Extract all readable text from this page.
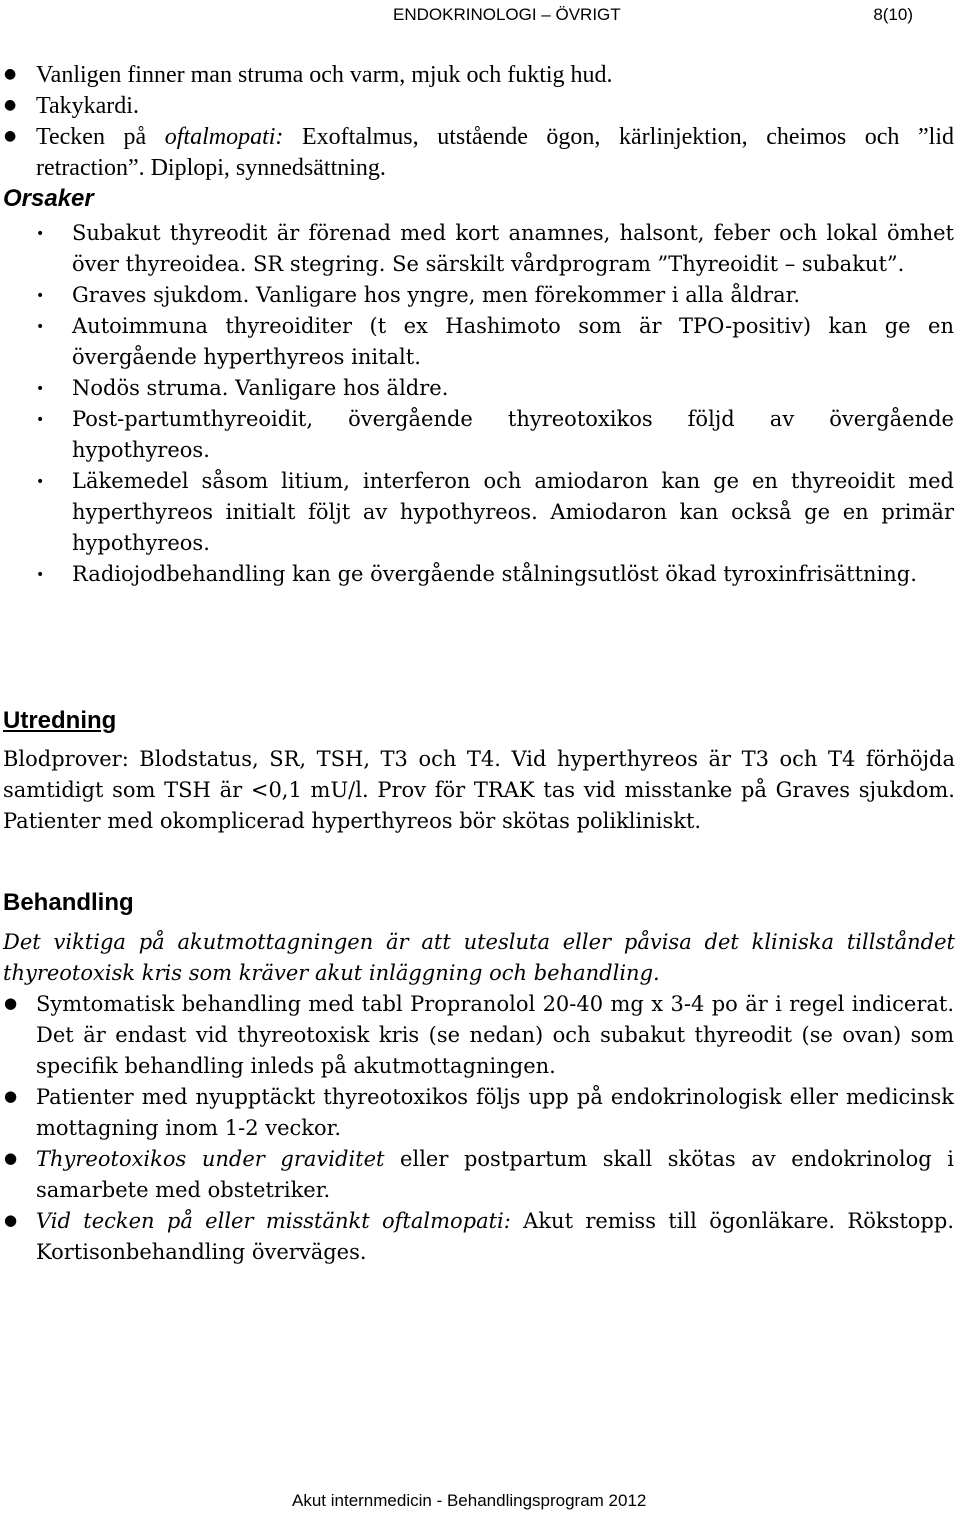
ENDOKRINOLOGI – ÖVRIGT	8(10)
● Vanligen finner man struma och varm, mjuk och fuktig hud.
● Takykardi.
● Tecken på oftalmopati: Exoftalmus, utstående ögon, kärlinjektion, cheimos och ”lid retraction”. Diplopi, synnedsättning.
Orsaker
• Subakut thyreodit är förenad med kort anamnes, halsont, feber och lokal ömhet över thyreoidea. SR stegring. Se särskilt vårdprogram ”Thyreoidit – subakut”.
• Graves sjukdom. Vanligare hos yngre, men förekommer i alla åldrar.
• Autoimmuna thyreoiditer (t ex Hashimoto som är TPO-positiv) kan ge en övergående hyperthyreos initalt.
• Nodös struma. Vanligare hos äldre.
• Post-partumthyreoidit, övergående thyreotoxikos följd av övergående hypothyreos.
• Läkemedel såsom litium, interferon och amiodaron kan ge en thyreoidit med hyperthyreos initialt följt av hypothyreos. Amiodaron kan också ge en primär hypothyreos.
• Radiojodbehandling kan ge övergående stålningsutlöst ökad tyroxinfrisättning.
Utredning

Blodprover: Blodstatus, SR, TSH, T3 och T4. Vid hyperthyreos är T3 och T4 förhöjda samtidigt som TSH är <0,1 mU/l. Prov för TRAK tas vid misstanke på Graves sjukdom. Patienter med okomplicerad hyperthyreos bör skötas polikliniskt.

Behandling

Det viktiga på akutmottagningen är att utesluta eller påvisa det kliniska tillståndet thyreotoxisk kris som kräver akut inläggning och behandling.

● Symtomatisk behandling med tabl Propranolol 20-40 mg x 3-4 po är i regel indicerat. Det är endast vid thyreotoxisk kris (se nedan) och subakut thyreodit (se ovan) som specifik behandling inleds på akutmottagningen.
● Patienter med nyupptäckt thyreotoxikos följs upp på endokrinologisk eller medicinsk mottagning inom 1-2 veckor.
● Thyreotoxikos under graviditet eller postpartum skall skötas av endokrinolog i samarbete med obstetriker.
● Vid tecken på eller misstänkt oftalmopati: Akut remiss till ögonläkare. Rökstopp. Kortisonbehandling överväges.
Akut internmedicin - Behandlingsprogram 2012
